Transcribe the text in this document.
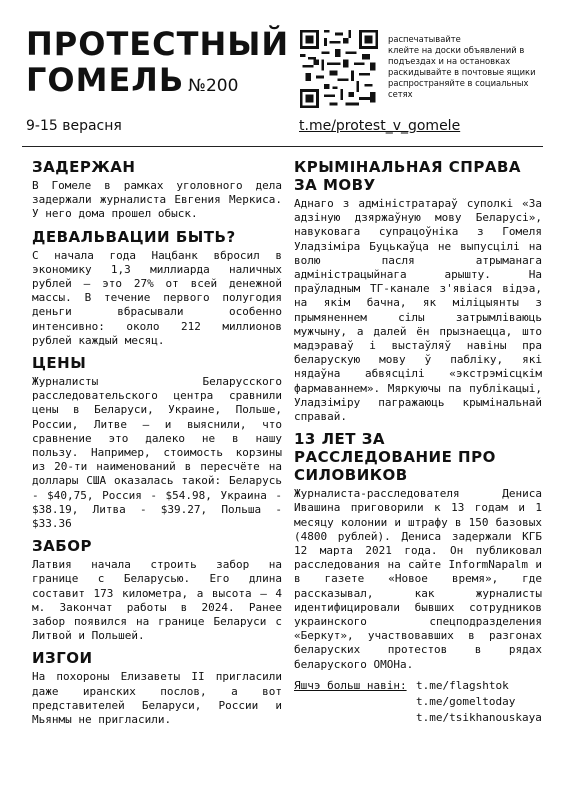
ПРОТЕСТНЫЙ
ГОМЕЛЬ №200
9-15 верасня
распечатывайте
клейте на доски объявлений в подъездах и на остановках
раскидывайте в почтовые ящики
распространяйте в социальных сетях
t.me/protest_v_gomele
ЗАДЕРЖАН

В Гомеле в рамках уголовного дела задержали журналиста Евгения Меркиса. У него дома прошел обыск.

ДЕВАЛЬВАЦИИ БЫТЬ?

С начала года Нацбанк вбросил в экономику 1,3 миллиарда наличных рублей — это 27% от всей денежной массы. В течение первого полугодия деньги вбрасывали особенно интенсивно: около 212 миллионов рублей каждый месяц.

ЦЕНЫ

Журналисты Беларусского расследовательского центра сравнили цены в Беларуси, Украине, Польше, России, Литве — и выяснили, что сравнение это далеко не в нашу пользу. Например, стоимость корзины из 20-ти наименований в пересчёте на доллары США оказалась такой: Беларусь - $40,75, Россия - $54.98, Украина - $38.19, Литва - $39.27, Польша - $33.36

ЗАБОР

Латвия начала строить забор на границе с Беларусью. Его длина составит 173 километра, а высота – 4 м. Закончат работы в 2024. Ранее забор появился на границе Беларуси с Литвой и Польшей.

ИЗГОИ

На похороны Елизаветы II пригласили даже иранских послов, а вот представителей Беларуси, России и Мьянмы не пригласили.

КРЫМІНАЛЬНАЯ СПРАВА ЗА МОВУ

Аднаго з адміністратараў суполкі «За адзіную дзяржаўную мову Беларусі», навуковага супрацоўніка з Гомеля Уладзіміра Буцькаўца не выпусцілі на волю пасля атрыманага адміністрацыйнага арышту. На праўладным ТГ-канале з'явіася відэа, на якім бачна, як міліцыянты з прымяненнем сілы затрымліваюць мужчыну, а далей ён прызнаецца, што мадэраваў і выстаўляў навіны пра беларускую мову ў паблiку, які нядаўна абвясцілі «экстрэмісцкім фармаваннем». Мяркуючы па публікацыі, Уладзіміру пагражаюць крымінальнай справай.

13 ЛЕТ ЗА РАССЛЕДОВАНИЕ ПРО СИЛОВИКОВ

Журналиста-расследователя Дениса Ивашина приговорили к 13 годам и 1 месяцу колонии и штрафу в 150 базовых (4800 рублей). Дениса задержали КГБ 12 марта 2021 года. Он публиковал расследования на сайте InformNapalm и в газете «Новое время», где рассказывал, как журналисты идентифицировали бывших сотрудников украинского спецподразделения «Беркут», участвовавших в разгонах беларуских протестов в рядах беларуского ОМОНа.

Яшчэ больш навін: t.me/flagshtok
t.me/gomeltoday
t.me/tsikhanouskaya
